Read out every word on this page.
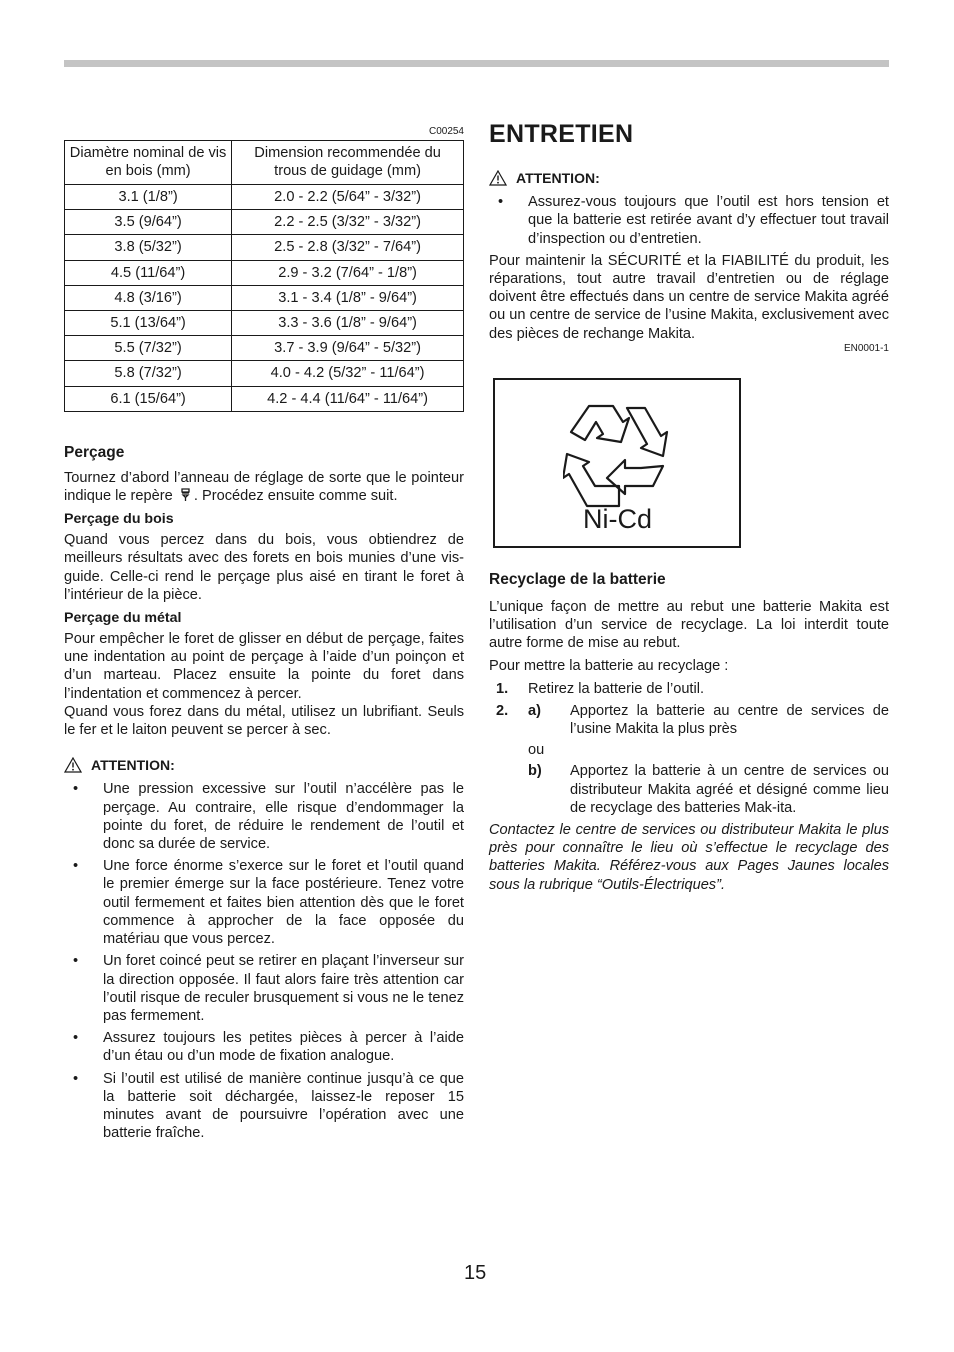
C00254
Diamètre nominal de vis en bois (mm)	Dimension recommendée du trous de guidage (mm)
3.1 (1/8”)	2.0 - 2.2 (5/64” - 3/32”)
3.5 (9/64”)	2.2 - 2.5 (3/32” - 3/32”)
3.8 (5/32”)	2.5 - 2.8 (3/32” - 7/64”)
4.5 (11/64”)	2.9 - 3.2 (7/64” - 1/8”)
4.8 (3/16”)	3.1 - 3.4 (1/8” - 9/64”)
5.1 (13/64”)	3.3 - 3.6 (1/8” - 9/64”)
5.5 (7/32”)	3.7 - 3.9 (9/64” - 5/32”)
5.8 (7/32”)	4.0 - 4.2 (5/32” - 11/64”)
6.1 (15/64”)	4.2 - 4.4 (11/64” - 11/64”)
Perçage

Tournez d’abord l’anneau de réglage de sorte que le pointeur indique le repère . Procédez ensuite comme suit.

Perçage du bois

Quand vous percez dans du bois, vous obtiendrez de meilleurs résultats avec des forets en bois munies d’une vis-guide. Celle-ci rend le perçage plus aisé en tirant le foret à l’intérieur de la pièce.

Perçage du métal

Pour empêcher le foret de glisser en début de perçage, faites une indentation au point de perçage à l’aide d’un poinçon et d’un marteau. Placez ensuite la pointe du foret dans l’indentation et commencez à percer.

Quand vous forez dans du métal, utilisez un lubrifiant. Seuls le fer et le laiton peuvent se percer à sec.

ATTENTION:
• Une pression excessive sur l’outil n’accélère pas le perçage. Au contraire, elle risque d’endommager la pointe du foret, de réduire le rendement de l’outil et donc sa durée de service.
• Une force énorme s’exerce sur le foret et l’outil quand le premier émerge sur la face postérieure. Tenez votre outil fermement et faites bien attention dès que le foret commence à approcher de la face opposée du matériau que vous percez.
• Un foret coincé peut se retirer en plaçant l’inverseur sur la direction opposée. Il faut alors faire très attention car l’outil risque de reculer brusquement si vous ne le tenez pas fermement.
• Assurez toujours les petites pièces à percer à l’aide d’un étau ou d’un mode de fixation analogue.
• Si l’outil est utilisé de manière continue jusqu’à ce que la batterie soit déchargée, laissez-le reposer 15 minutes avant de poursuivre l’opération avec une batterie fraîche.
ENTRETIEN
ATTENTION:
• Assurez-vous toujours que l’outil est hors tension et que la batterie est retirée avant d’y effectuer tout travail d’inspection ou d’entretien.

Pour maintenir la SÉCURITÉ et la FIABILITÉ du produit, les réparations, tout autre travail d’entretien ou de réglage doivent être effectués dans un centre de service Makita agréé ou un centre de service de l’usine Makita, exclusivement avec des pièces de rechange Makita.

EN0001-1
Ni-Cd
Recyclage de la batterie

L’unique façon de mettre au rebut une batterie Makita est l’utilisation d’un service de recyclage. La loi interdit toute autre forme de mise au rebut.

Pour mettre la batterie au recyclage :

1.	Retirez la batterie de l’outil.
2.	a)	Apportez la batterie au centre de services de l’usine Makita la plus près
ou
b)	Apportez la batterie à un centre de services ou distributeur Makita agréé et désigné comme lieu de recyclage des batteries Mak-ita.

Contactez le centre de services ou distributeur Makita le plus près pour connaître le lieu où s’effectue le recyclage des batteries Makita. Référez-vous aux Pages Jaunes locales sous la rubrique “Outils-Électriques”.

15
